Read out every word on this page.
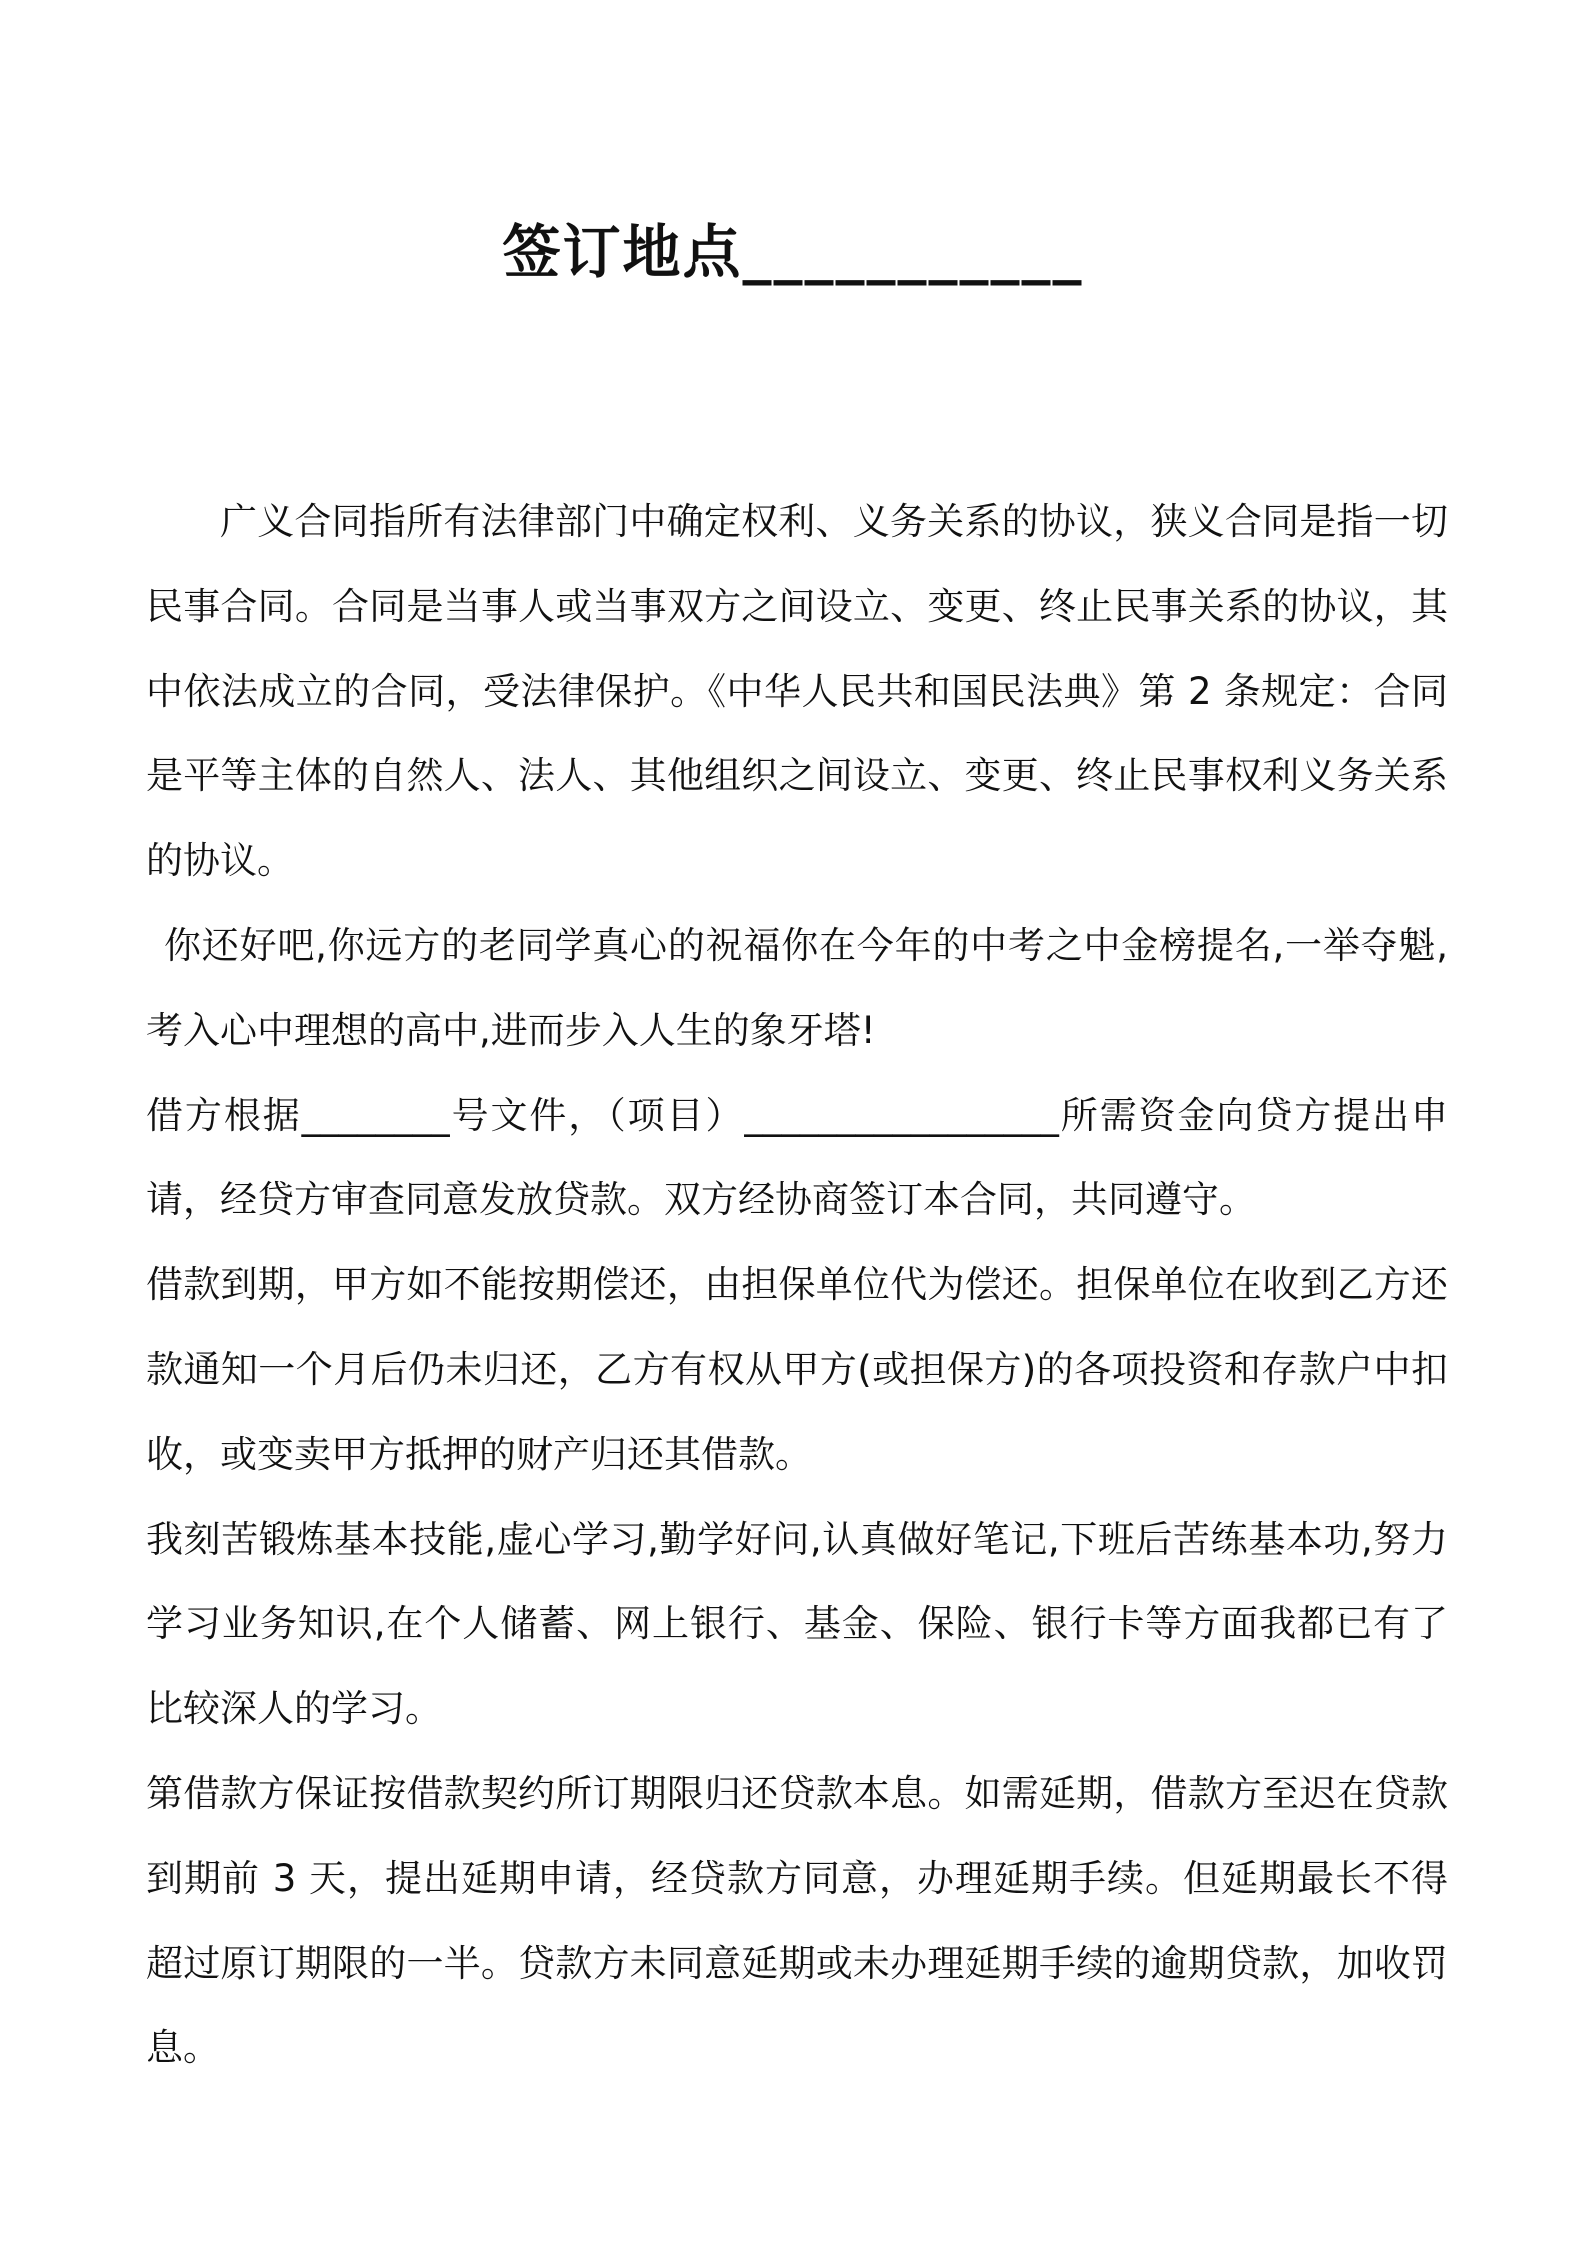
签订地点___________

广义合同指所有法律部门中确定权利、义务关系的协议，狭义合同是指一切民事合同。合同是当事人或当事双方之间设立、变更、终止民事关系的协议，其中依法成立的合同，受法律保护。《中华人民共和国民法典》第 2 条规定：合同是平等主体的自然人、法人、其他组织之间设立、变更、终止民事权利义务关系的协议。

你还好吧,你远方的老同学真心的祝福你在今年的中考之中金榜提名,一举夺魁,考入心中理想的高中,进而步入人生的象牙塔!

借方根据________号文件，（项目）_________________所需资金向贷方提出申请，经贷方审查同意发放贷款。双方经协商签订本合同，共同遵守。

借款到期，甲方如不能按期偿还，由担保单位代为偿还。担保单位在收到乙方还款通知一个月后仍未归还，乙方有权从甲方(或担保方)的各项投资和存款户中扣收，或变卖甲方抵押的财产归还其借款。

我刻苦锻炼基本技能,虚心学习,勤学好问,认真做好笔记,下班后苦练基本功,努力学习业务知识,在个人储蓄、网上银行、基金、保险、银行卡等方面我都已有了比较深人的学习。

第借款方保证按借款契约所订期限归还贷款本息。如需延期，借款方至迟在贷款到期前 3 天，提出延期申请，经贷款方同意，办理延期手续。但延期最长不得超过原订期限的一半。贷款方未同意延期或未办理延期手续的逾期贷款，加收罚息。
